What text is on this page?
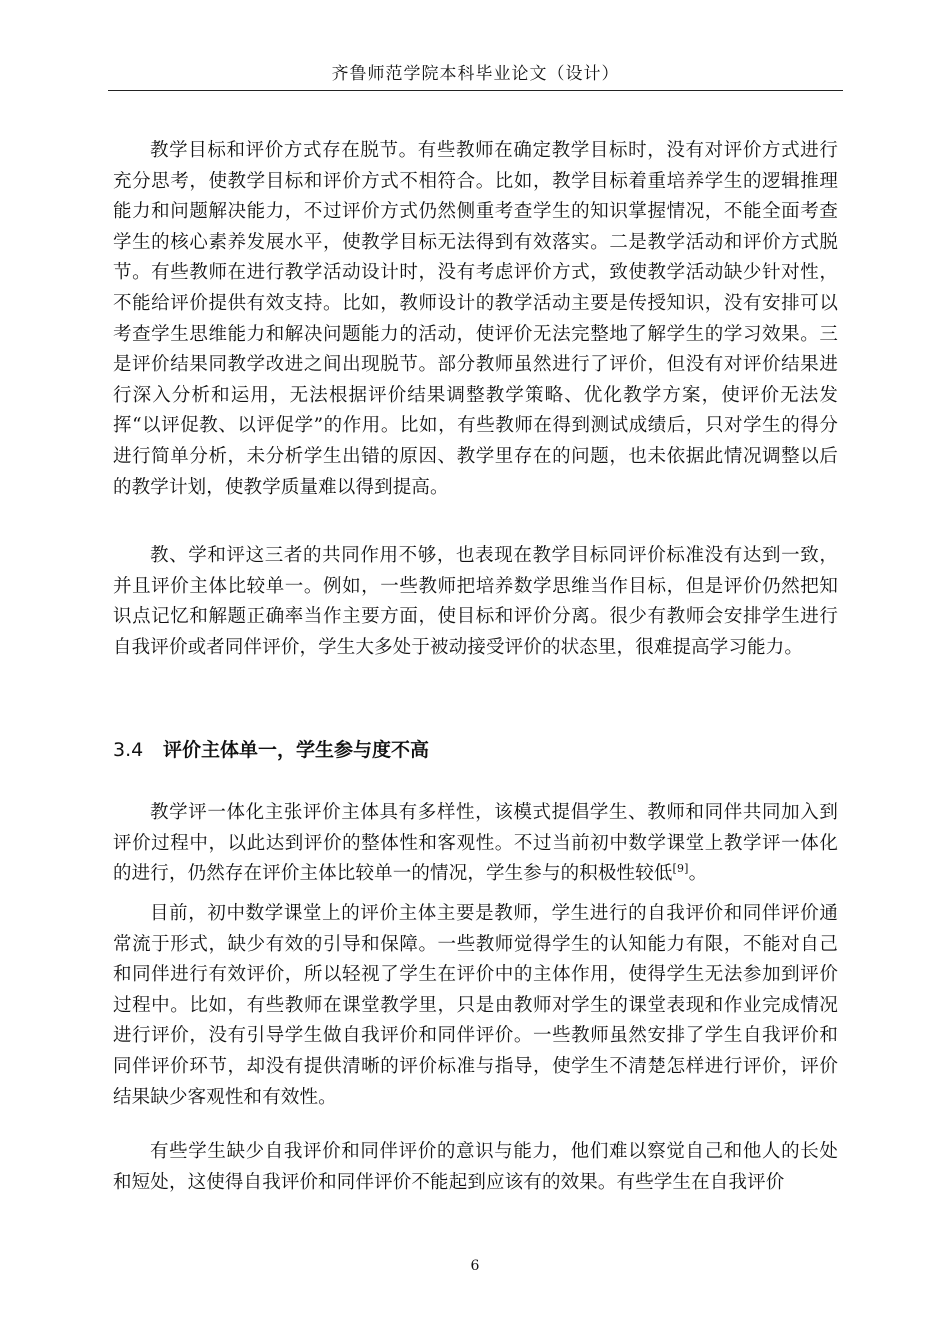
齐鲁师范学院本科毕业论文（设计）

教学目标和评价方式存在脱节。有些教师在确定教学目标时，没有对评价方式进行充分思考，使教学目标和评价方式不相符合。比如，教学目标着重培养学生的逻辑推理能力和问题解决能力，不过评价方式仍然侧重考查学生的知识掌握情况，不能全面考查学生的核心素养发展水平，使教学目标无法得到有效落实。二是教学活动和评价方式脱节。有些教师在进行教学活动设计时，没有考虑评价方式，致使教学活动缺少针对性，不能给评价提供有效支持。比如，教师设计的教学活动主要是传授知识，没有安排可以考查学生思维能力和解决问题能力的活动，使评价无法完整地了解学生的学习效果。三是评价结果同教学改进之间出现脱节。部分教师虽然进行了评价，但没有对评价结果进行深入分析和运用，无法根据评价结果调整教学策略、优化教学方案，使评价无法发挥“以评促教、以评促学”的作用。比如，有些教师在得到测试成绩后，只对学生的得分进行简单分析，未分析学生出错的原因、教学里存在的问题，也未依据此情况调整以后的教学计划，使教学质量难以得到提高。

教、学和评这三者的共同作用不够，也表现在教学目标同评价标准没有达到一致，并且评价主体比较单一。例如，一些教师把培养数学思维当作目标，但是评价仍然把知识点记忆和解题正确率当作主要方面，使目标和评价分离。很少有教师会安排学生进行自我评价或者同伴评价，学生大多处于被动接受评价的状态里，很难提高学习能力。

3.4 评价主体单一，学生参与度不高

教学评一体化主张评价主体具有多样性，该模式提倡学生、教师和同伴共同加入到评价过程中，以此达到评价的整体性和客观性。不过当前初中数学课堂上教学评一体化的进行，仍然存在评价主体比较单一的情况，学生参与的积极性较低[9]。

目前，初中数学课堂上的评价主体主要是教师，学生进行的自我评价和同伴评价通常流于形式，缺少有效的引导和保障。一些教师觉得学生的认知能力有限，不能对自己和同伴进行有效评价，所以轻视了学生在评价中的主体作用，使得学生无法参加到评价过程中。比如，有些教师在课堂教学里，只是由教师对学生的课堂表现和作业完成情况进行评价，没有引导学生做自我评价和同伴评价。一些教师虽然安排了学生自我评价和同伴评价环节，却没有提供清晰的评价标准与指导，使学生不清楚怎样进行评价，评价结果缺少客观性和有效性。

有些学生缺少自我评价和同伴评价的意识与能力，他们难以察觉自己和他人的长处和短处，这使得自我评价和同伴评价不能起到应该有的效果。有些学生在自我评价

6
